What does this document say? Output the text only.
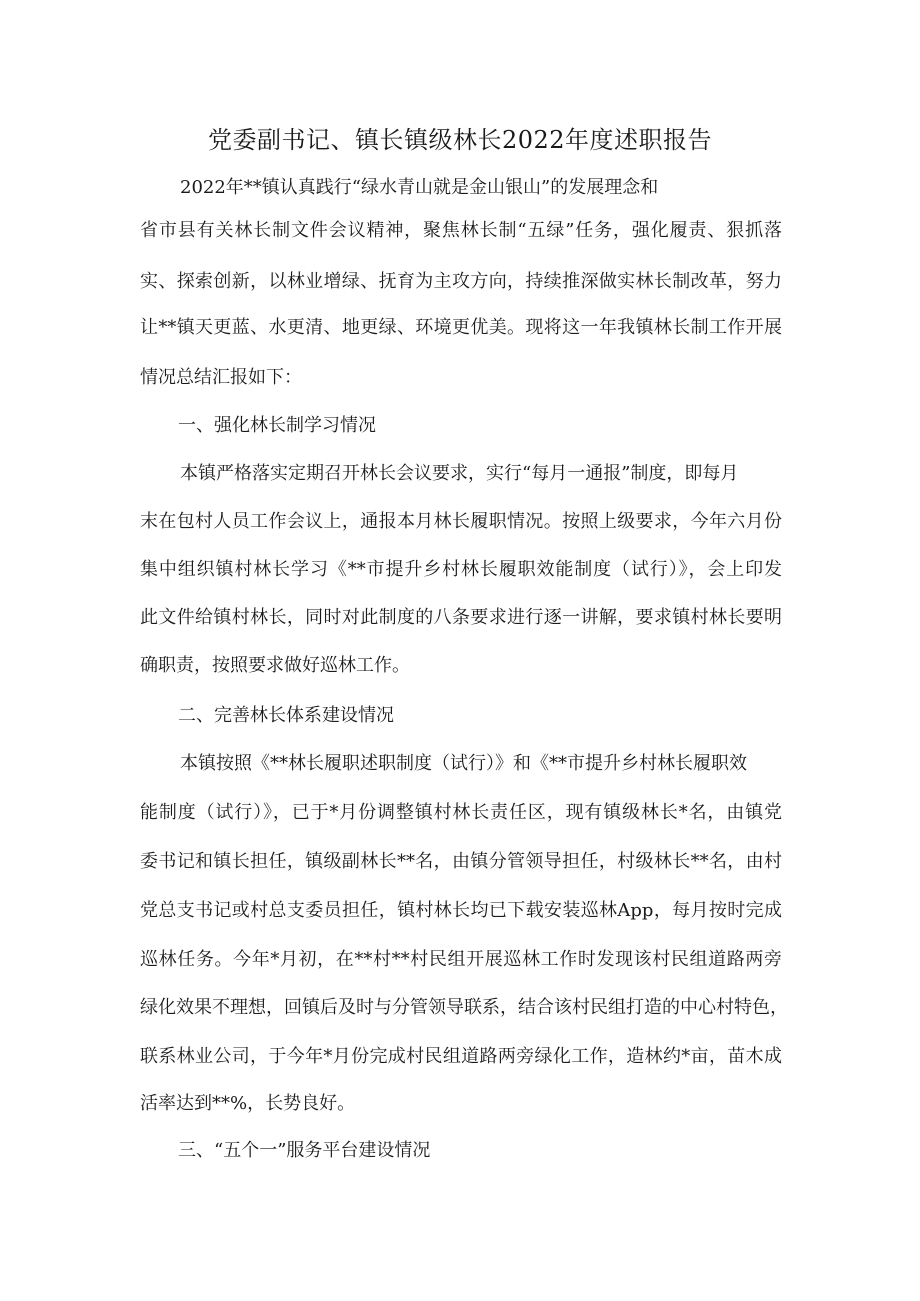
党委副书记、镇长镇级林长2022年度述职报告
2022年**镇认真践行“绿水青山就是金山银山”的发展理念和
省市县有关林长制文件会议精神，聚焦林长制“五绿”任务，强化履责、狠抓落
实、探索创新，以林业增绿、抚育为主攻方向，持续推深做实林长制改革，努力
让**镇天更蓝、水更清、地更绿、环境更优美。现将这一年我镇林长制工作开展
情况总结汇报如下：
一、强化林长制学习情况
本镇严格落实定期召开林长会议要求，实行“每月一通报”制度，即每月
末在包村人员工作会议上，通报本月林长履职情况。按照上级要求，今年六月份
集中组织镇村林长学习《**市提升乡村林长履职效能制度（试行）》，会上印发
此文件给镇村林长，同时对此制度的八条要求进行逐一讲解，要求镇村林长要明
确职责，按照要求做好巡林工作。
二、完善林长体系建设情况
本镇按照《**林长履职述职制度（试行）》和《**市提升乡村林长履职效
能制度（试行）》，已于*月份调整镇村林长责任区，现有镇级林长*名，由镇党
委书记和镇长担任，镇级副林长**名，由镇分管领导担任，村级林长**名，由村
党总支书记或村总支委员担任，镇村林长均已下载安装巡林App，每月按时完成
巡林任务。今年*月初，在**村**村民组开展巡林工作时发现该村民组道路两旁
绿化效果不理想，回镇后及时与分管领导联系，结合该村民组打造的中心村特色，
联系林业公司，于今年*月份完成村民组道路两旁绿化工作，造林约*亩，苗木成
活率达到**%，长势良好。
三、“五个一”服务平台建设情况
